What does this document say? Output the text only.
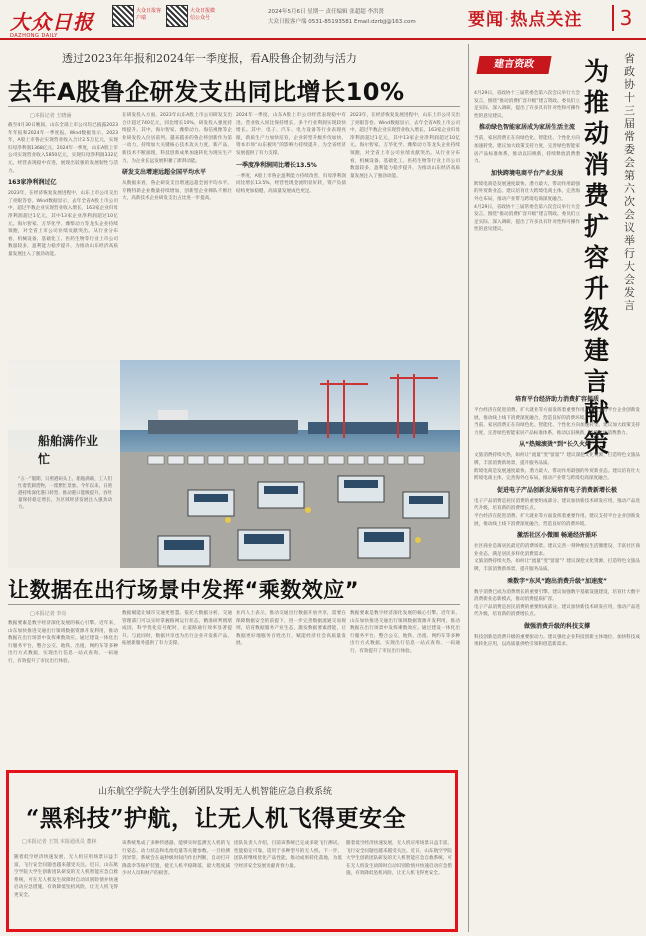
大众日报
DAZHONG DAILY
大众日报客户端
大众日报微信公众号
2024年5月6日 星期一 责任编辑 张超超 李洪贤
大众日报客户端 0531-85193581 Email:dzrbjj@163.com	要闻·热点关注	3
透过2023年年报和2024年一季度报，看A股鲁企韧劲与活力
去年A股鲁企研发支出同比增长10%
□本报记者 王晓涵

截至4月30日晚间，山东全部上市公司均已披露2023年年报和2024年一季度报。Wind数据显示，2023年，A股上市鲁企实现营业收入合计2.5万亿元，实现归母净利润1368亿元。2024年一季度，山东A股上市公司实现营业收入5850亿元，实现归母净利润332亿元，经营表现稳中有进，展现出较强的发展韧性与活力。

163家净利润过亿

2023年，在经济恢复发展进程中，山东上市公司交出了亮眼答卷。Wind数据显示，去年全省A股上市公司中，超过半数企业实现营业收入增长，163家企业归母净利润超过1亿元，其中13家企业净利润超过10亿元。海尔智家、万华化学、潍柴动力等龙头企业持续领跑，对全省上市公司业绩贡献突出。从行业分布看，机械设备、基础化工、医药生物等行业上市公司数量较多，盈利能力稳步提升，为推动山东经济高质量发展注入了强劲动能。

在研发投入方面，2023年山东A股上市公司研发支出合计超过740亿元，同比增长10%，研发投入强度持续提升。其中，海尔智家、潍柴动力、海信视像等企业研发投入位居前列。越来越多的鲁企将创新作为第一动力，持续加大关键核心技术攻关力度，新产品、新技术不断涌现，科技创新成果加速转化为现实生产力，为企业长远发展积蓄了澎湃动能。

研发支出增速远超全国平均水平

从数据来看，鲁企研发支出增速远超全国平均水平。专精特新企业数量持续增加，创新型企业梯队不断壮大，高新技术企业研发支出占比进一步提高。

2024年一季度，山东A股上市公司经营表现稳中有进。营业收入同比保持增长，多个行业利润实现较快增长。其中，电子、汽车、电力设备等行业表现亮眼，新质生产力加快培育，企业转型升级步伐加快，资本市场“山东板块”的影响力持续提升，为全省经济发展提供了有力支撑。

一季度净利润同比增长13.5%

一季度，A股上市鲁企盈利能力持续改善，归母净利润同比增长13.5%，经营性现金流明显好转，资产负债结构更加稳健，高质量发展成色更足。

2023年，在经济恢复发展进程中，山东上市公司交出了亮眼答卷。Wind数据显示，去年全省A股上市公司中，超过半数企业实现营业收入增长，163家企业归母净利润超过1亿元，其中13家企业净利润超过10亿元。海尔智家、万华化学、潍柴动力等龙头企业持续领跑，对全省上市公司业绩贡献突出。从行业分布看，机械设备、基础化工、医药生物等行业上市公司数量较多，盈利能力稳步提升，为推动山东经济高质量发展注入了强劲动能。

船舶满作业忙
“五一”假期，日照港码头上，船舶满载，工人们忙着装卸货物，一派繁忙景象。今年以来，日照港持续深化港口转型，推动港口能级提升，吞吐量保持稳定增长，为区域经济发展注入强劲动力。
让数据在出行场景中发挥“乘数效应”
□本报记者 李亮

数据要素是数字经济深化发展的核心引擎。近年来，山东加快推进交通出行领域数据资源开发利用，推动数据在出行场景中发挥乘数效应。通过建设一体化出行服务平台，整合公交、地铁、出租、网约车等多种出行方式数据，实现出行信息一站式查询、一码通行，有效提升了市民出行体验。

数据赋能让城市交通更智慧。依托大数据分析，交通管理部门可以实时掌握路网运行状态，精准研判拥堵成因，科学优化信号配时，让道路通行效率显著提升。与此同时，数据共享也为出行企业开发新产品、拓展新服务提供了有力支撑。

业内人士表示，推动交通出行数据开放共享，需要在保障数据安全的前提下，进一步完善数据流通交易规则，培育数据服务产业生态，激发数据要素潜能，让数据更好地服务百姓出行，赋能经济社会高质量发展。

数据要素是数字经济深化发展的核心引擎。近年来，山东加快推进交通出行领域数据资源开发利用，推动数据在出行场景中发挥乘数效应。通过建设一体化出行服务平台，整合公交、地铁、出租、网约车等多种出行方式数据，实现出行信息一站式查询、一码通行，有效提升了市民出行体验。

山东航空学院大学生创新团队发明无人机智能应急自救系统
“黑科技”护航，让无人机飞得更安全
□本报记者 王凯 本报通讯员 董林

随着低空经济快速发展，无人机应用场景日益丰富，飞行安全问题也越来越受关注。近日，山东航空学院大学生创新团队研发的无人机智能应急自救系统，可在无人机发生故障时自动识别险情并快速启动应急措施，有效降低坠机风险，让无人机飞得更安全。

该系统集成了多种传感器，能够实时监测无人机的飞行姿态、动力状态和电池电量等关键参数。一旦检测到异常，系统会在毫秒级时间内作出判断，自动打开降落伞等保护装置，使无人机平稳降落，最大程度减少对人员和财产的损害。

团队负责人介绍，目前该系统已完成多轮飞行测试，性能稳定可靠，适用于多种型号的无人机。下一步，团队将继续优化产品性能，推动成果转化落地，为低空经济安全发展贡献青春力量。

随着低空经济快速发展，无人机应用场景日益丰富，飞行安全问题也越来越受关注。近日，山东航空学院大学生创新团队研发的无人机智能应急自救系统，可在无人机发生故障时自动识别险情并快速启动应急措施，有效降低坠机风险，让无人机飞得更安全。

省政协十三届常委会第六次会议举行大会发言
建言资政	为推动消费扩容升级建言献策

4月29日，省政协十三届常委会第六次会议举行大会发言，围绕“推动消费扩容升级”建言资政。委员们立足实际、深入调研，提出了许多具有针对性和可操作性的意见建议。

推动绿色智能家居成为家居生活主流

当前，家居消费正在向绿色化、智能化、个性化方向加速转变。建议加大政策支持力度，完善绿色智能家居产品标准体系，推动以旧换新，持续释放消费潜力。

加快跨境电商平台产业发展

跨境电商是发展速度最快、潜力最大、带动作用最强的外贸新业态。建议培育壮大跨境电商主体，完善海外仓布局，推动产业带与跨境电商深度融合。

4月29日，省政协十三届常委会第六次会议举行大会发言，围绕“推动消费扩容升级”建言资政。委员们立足实际、深入调研，提出了许多具有针对性和可操作性的意见建议。

培育平台经济助力消费扩容提质

平台经济在促进消费、扩大就业等方面发挥着重要作用。建议支持平台企业创新发展，推动线上线下消费深度融合，营造良好的消费环境。

当前，家居消费正在向绿色化、智能化、个性化方向加速转变。建议加大政策支持力度，完善绿色智能家居产品标准体系，推动以旧换新，持续释放消费潜力。

从“热辣滚烫”到“长久火爆”

文旅消费持续火热，如何让“流量”变“留量”？建议深挖文化资源，打造特色文旅品牌，丰富消费新场景，提升服务品质。

跨境电商是发展速度最快、潜力最大、带动作用最强的外贸新业态。建议培育壮大跨境电商主体，完善海外仓布局，推动产业带与跨境电商深度融合。

促进电子产品创新发展培育电子消费新增长极

电子产品消费是居民消费的重要组成部分。建议加快新技术研发应用，推动产品迭代升级，培育新的消费增长点。

平台经济在促进消费、扩大就业等方面发挥着重要作用。建议支持平台企业创新发展，推动线上线下消费深度融合，营造良好的消费环境。

激活社区小微圈 畅通经济循环

社区商业是离居民最近的消费场景。建议完善一刻钟便民生活圈建设，丰富社区商业业态，满足居民多样化消费需求。

文旅消费持续火热，如何让“流量”变“留量”？建议深挖文化资源，打造特色文旅品牌，丰富消费新场景，提升服务品质。

乘数字“东风”跑出消费升级“加速度”

数字消费已成为消费增长的重要引擎。建议加强数字基础设施建设，培育壮大数字消费新业态新模式，推动消费提质扩容。

电子产品消费是居民消费的重要组成部分。建议加快新技术研发应用，推动产品迭代升级，培育新的消费增长点。

做强消费升级的科技支撑

科技创新是消费升级的重要驱动力。建议强化企业科技创新主体地位，加快科技成果转化应用，以高质量供给引领和创造新需求。
